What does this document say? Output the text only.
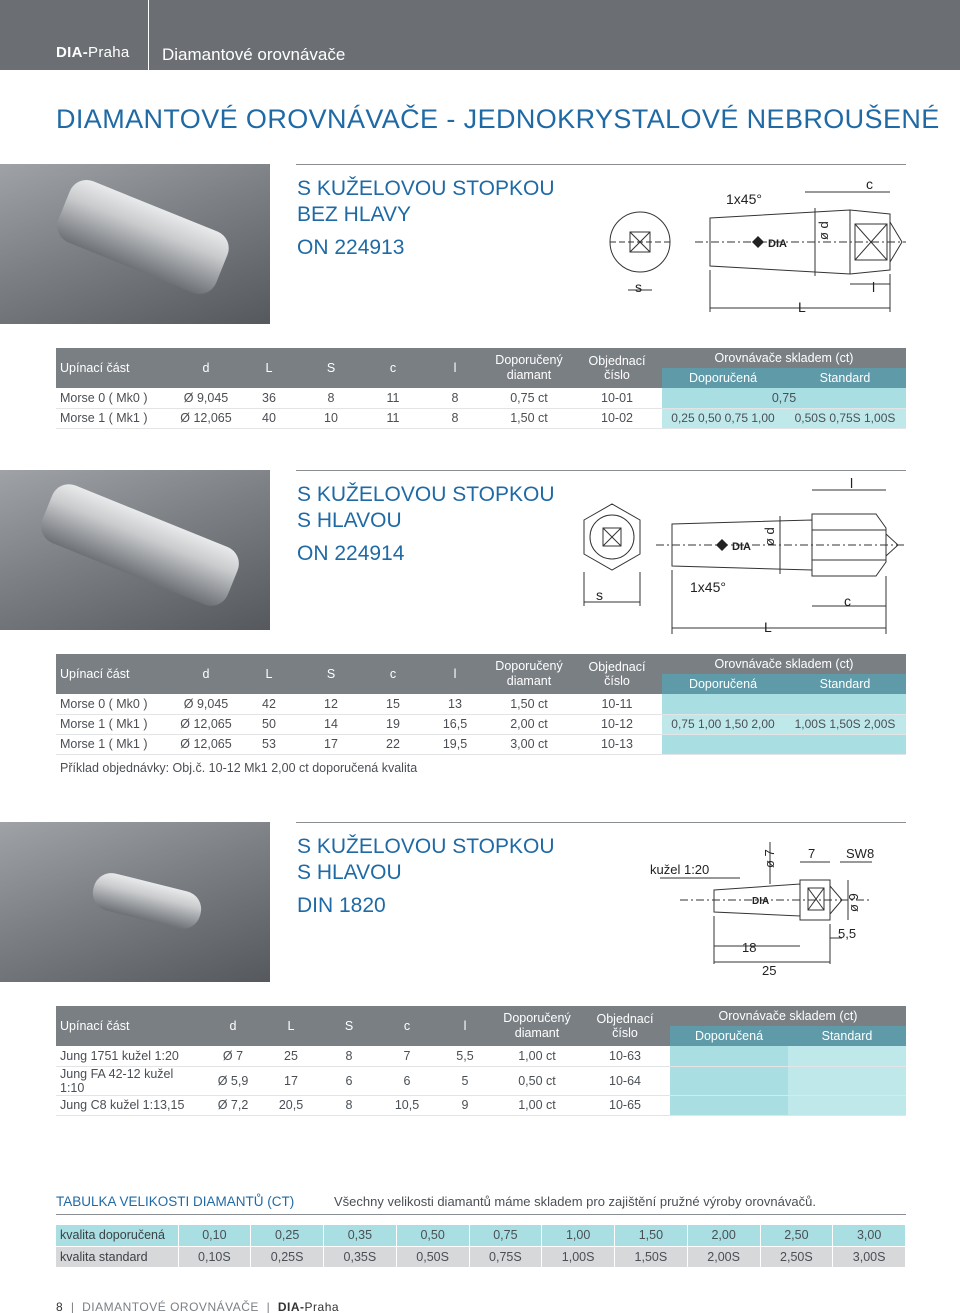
DIA-Praha Diamantové orovnávače
DIAMANTOVÉ OROVNÁVAČE - JEDNOKRYSTALOVÉ NEBROUŠENÉ
S KUŽELOVOU STOPKOU
BEZ HLAVY
ON 224913
1x45°
c
ø d
s
L
l
DIA
Upínací část	d	L	S	c	l	Doporučený diamant	Objednací číslo	Orovnávače skladem (ct)	
								Doporučená	Standard
Morse 0 ( Mk0 )	Ø 9,045	36	8	11	8	0,75 ct	10-01	0,75	
Morse 1 ( Mk1 )	Ø 12,065	40	10	11	8	1,50 ct	10-02	0,25 0,50 0,75 1,00	0,50S 0,75S 1,00S
S KUŽELOVOU STOPKOU
S HLAVOU
ON 224914
1x45°
c
ø d
s
L
l
DIA
Upínací část	d	L	S	c	l	Doporučený diamant	Objednací číslo	Orovnávače skladem (ct)	
								Doporučená	Standard
Morse 0 ( Mk0 )	Ø 9,045	42	12	15	13	1,50 ct	10-11		
Morse 1 ( Mk1 )	Ø 12,065	50	14	19	16,5	2,00 ct	10-12	0,75 1,00 1,50 2,00	1,00S 1,50S 2,00S
Morse 1 ( Mk1 )	Ø 12,065	53	17	22	19,5	3,00 ct	10-13		
Příklad objednávky: Obj.č. 10-12 Mk1 2,00 ct doporučená kvalita
S KUŽELOVOU STOPKOU
S HLAVOU
DIN 1820
kužel 1:20
ø 7 7 SW8
ø 9
5,5
18
25
DIA
Upínací část	d	L	S	c	l	Doporučený diamant	Objednací číslo	Orovnávače skladem (ct)	
								Doporučená	Standard
Jung 1751 kužel 1:20	Ø 7	25	8	7	5,5	1,00 ct	10-63		
Jung FA 42-12 kužel 1:10	Ø 5,9	17	6	6	5	0,50 ct	10-64		
Jung C8 kužel 1:13,15	Ø 7,2	20,5	8	10,5	9	1,00 ct	10-65		
TABULKA VELIKOSTI DIAMANTŮ (CT)	Všechny velikosti diamantů máme skladem pro zajištění pružné výroby orovnávačů.
kvalita doporučená	0,10	0,25	0,35	0,50	0,75	1,00	1,50	2,00	2,50	3,00
kvalita standard	0,10S	0,25S	0,35S	0,50S	0,75S	1,00S	1,50S	2,00S	2,50S	3,00S
8  |  DIAMANTOVÉ OROVNÁVAČE  |  DIA-Praha
